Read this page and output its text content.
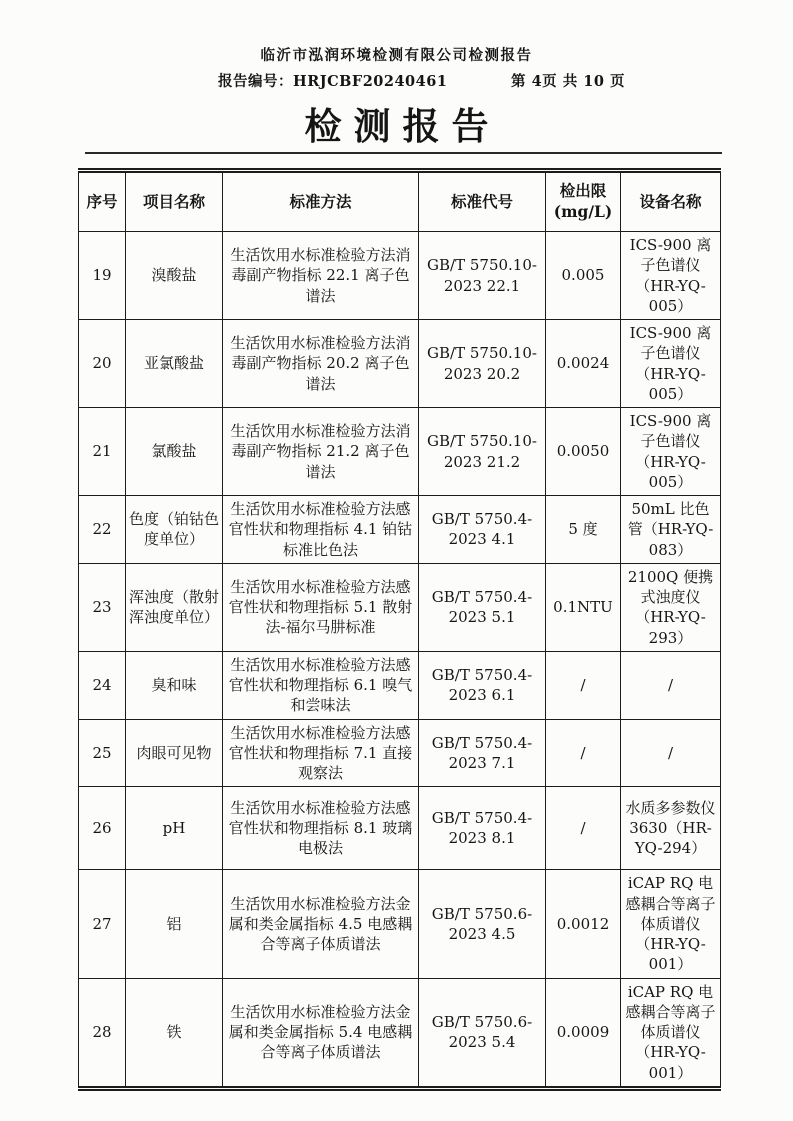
临沂市泓润环境检测有限公司检测报告
报告编号：HRJCBF20240461	第 4页 共 10 页
检测报告
序号	项目名称	标准方法	标准代号	检出限
(mg/L)	设备名称
19	溴酸盐	生活饮用水标准检验方法消毒副产物指标 22.1 离子色谱法	GB/T 5750.10-
2023 22.1	0.005	ICS-900 离子色谱仪（HR-YQ-005）
20	亚氯酸盐	生活饮用水标准检验方法消毒副产物指标 20.2 离子色谱法	GB/T 5750.10-
2023 20.2	0.0024	ICS-900 离子色谱仪（HR-YQ-005）
21	氯酸盐	生活饮用水标准检验方法消毒副产物指标 21.2 离子色谱法	GB/T 5750.10-
2023 21.2	0.0050	ICS-900 离子色谱仪（HR-YQ-005）
22	色度（铂钴色度单位）	生活饮用水标准检验方法感官性状和物理指标 4.1 铂钴标准比色法	GB/T 5750.4-
2023 4.1	5 度	50mL 比色管（HR-YQ-083）
23	浑浊度（散射浑浊度单位）	生活饮用水标准检验方法感官性状和物理指标 5.1 散射法-福尔马肼标准	GB/T 5750.4-
2023 5.1	0.1NTU	2100Q 便携式浊度仪（HR-YQ-293）
24	臭和味	生活饮用水标准检验方法感官性状和物理指标 6.1 嗅气和尝味法	GB/T 5750.4-
2023 6.1	/	/
25	肉眼可见物	生活饮用水标准检验方法感官性状和物理指标 7.1 直接观察法	GB/T 5750.4-
2023 7.1	/	/
26	pH	生活饮用水标准检验方法感官性状和物理指标 8.1 玻璃电极法	GB/T 5750.4-
2023 8.1	/	水质多参数仪 3630（HR-YQ-294）
27	铝	生活饮用水标准检验方法金属和类金属指标 4.5 电感耦合等离子体质谱法	GB/T 5750.6-
2023 4.5	0.0012	iCAP RQ 电感耦合等离子体质谱仪（HR-YQ-001）
28	铁	生活饮用水标准检验方法金属和类金属指标 5.4 电感耦合等离子体质谱法	GB/T 5750.6-
2023 5.4	0.0009	iCAP RQ 电感耦合等离子体质谱仪（HR-YQ-001）
